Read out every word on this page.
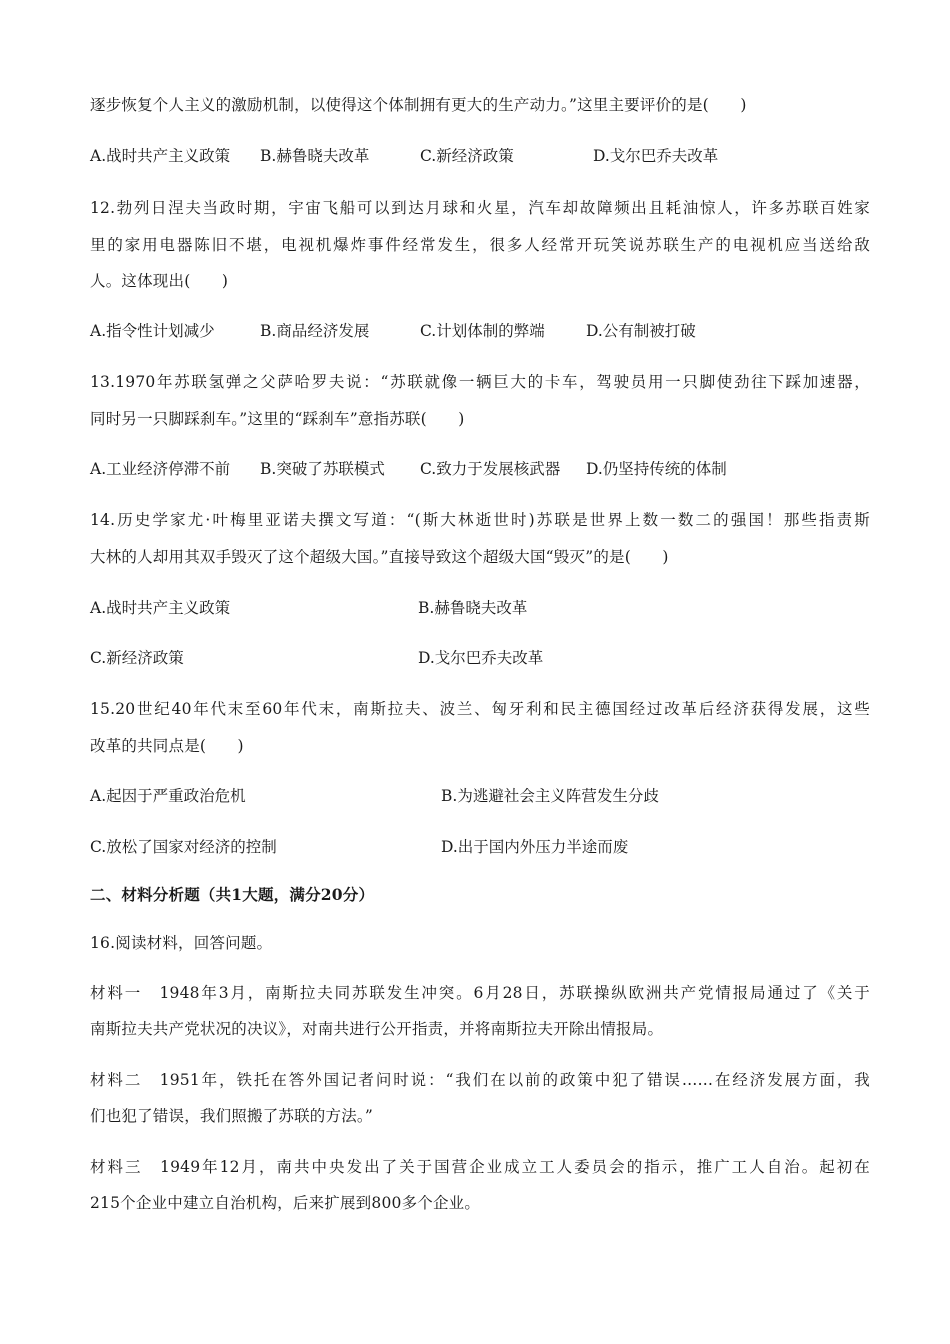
逐步恢复个人主义的激励机制，以使得这个体制拥有更大的生产动力。”这里主要评价的是(　　)
A.战时共产主义政策 B.赫鲁晓夫改革	C.新经济政策	D.戈尔巴乔夫改革
12.勃列日涅夫当政时期，宇宙飞船可以到达月球和火星，汽车却故障频出且耗油惊人，许多苏联百姓家
里的家用电器陈旧不堪，电视机爆炸事件经常发生，很多人经常开玩笑说苏联生产的电视机应当送给敌
人。这体现出(　　)
A.指令性计划减少	B.商品经济发展	C.计划体制的弊端	D.公有制被打破
13.1970年苏联氢弹之父萨哈罗夫说：“苏联就像一辆巨大的卡车，驾驶员用一只脚使劲往下踩加速器，
同时另一只脚踩刹车。”这里的“踩刹车”意指苏联(　　)
A.工业经济停滞不前 B.突破了苏联模式 C.致力于发展核武器 D.仍坚持传统的体制
14.历史学家尤·叶梅里亚诺夫撰文写道：“(斯大林逝世时)苏联是世界上数一数二的强国！那些指责斯
大林的人却用其双手毁灭了这个超级大国。”直接导致这个超级大国“毁灭”的是(　　)
A.战时共产主义政策	B.赫鲁晓夫改革
C.新经济政策	D.戈尔巴乔夫改革
15.20世纪40年代末至60年代末，南斯拉夫、波兰、匈牙利和民主德国经过改革后经济获得发展，这些
改革的共同点是(　　)
A.起因于严重政治危机	B.为逃避社会主义阵营发生分歧
C.放松了国家对经济的控制	D.出于国内外压力半途而废
二、材料分析题（共1大题，满分20分）
16.阅读材料，回答问题。
材料一　1948年3月，南斯拉夫同苏联发生冲突。6月28日，苏联操纵欧洲共产党情报局通过了《关于
南斯拉夫共产党状况的决议》，对南共进行公开指责，并将南斯拉夫开除出情报局。
材料二　1951年，铁托在答外国记者问时说：“我们在以前的政策中犯了错误……在经济发展方面，我
们也犯了错误，我们照搬了苏联的方法。”
材料三　1949年12月，南共中央发出了关于国营企业成立工人委员会的指示，推广工人自治。起初在
215个企业中建立自治机构，后来扩展到800多个企业。
